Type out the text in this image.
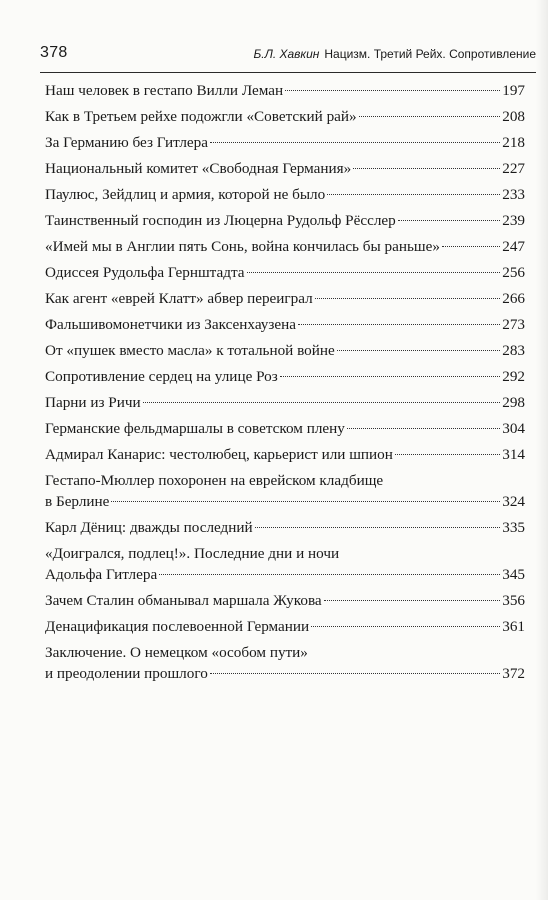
378	Б.Л. Хавкин Нацизм. Третий Рейх. Сопротивление
Наш человек в гестапо Вилли Леман	197
Как в Третьем рейхе подожгли «Советский рай»	208
За Германию без Гитлера	218
Национальный комитет «Свободная Германия»	227
Паулюс, Зейдлиц и армия, которой не было	233
Таинственный господин из Люцерна Рудольф Рёсслер	239
«Имей мы в Англии пять Сонь, война кончилась бы раньше»	247
Одиссея Рудольфа Гернштадта	256
Как агент «еврей Клатт» абвер переиграл	266
Фальшивомонетчики из Заксенхаузена	273
От «пушек вместо масла» к тотальной войне	283
Сопротивление сердец на улице Роз	292
Парни из Ричи	298
Германские фельдмаршалы в советском плену	304
Адмирал Канарис: честолюбец, карьерист или шпион	314
Гестапо-Мюллер похоронен на еврейском кладбище
в Берлине	324
Карл Дёниц: дважды последний	335
«Доигрался, подлец!». Последние дни и ночи
Адольфа Гитлера	345
Зачем Сталин обманывал маршала Жукова	356
Денацификация послевоенной Германии	361
Заключение. О немецком «особом пути»
и преодолении прошлого	372
